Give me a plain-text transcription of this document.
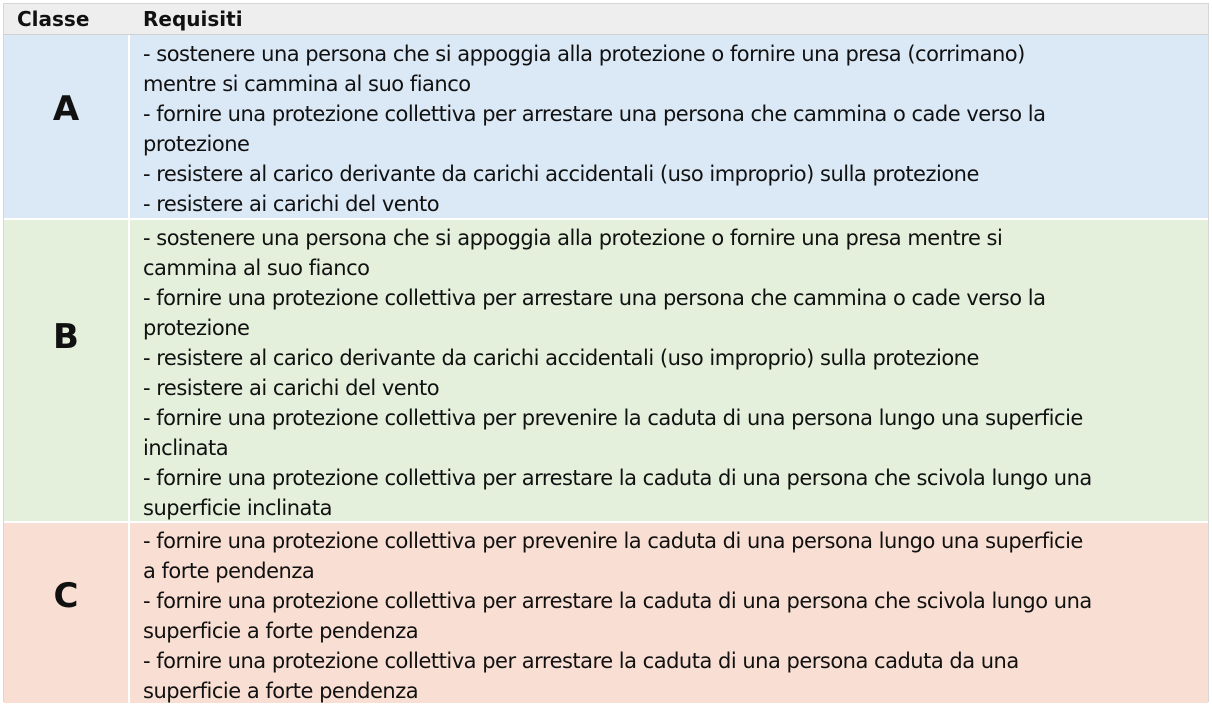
Classe	Requisiti
A
- sostenere una persona che si appoggia alla protezione o fornire una presa (corrimano)
mentre si cammina al suo fianco
- fornire una protezione collettiva per arrestare una persona che cammina o cade verso la
protezione
- resistere al carico derivante da carichi accidentali (uso improprio) sulla protezione
- resistere ai carichi del vento
B
- sostenere una persona che si appoggia alla protezione o fornire una presa mentre si
cammina al suo fianco
- fornire una protezione collettiva per arrestare una persona che cammina o cade verso la
protezione
- resistere al carico derivante da carichi accidentali (uso improprio) sulla protezione
- resistere ai carichi del vento
- fornire una protezione collettiva per prevenire la caduta di una persona lungo una superficie
inclinata
- fornire una protezione collettiva per arrestare la caduta di una persona che scivola lungo una
superficie inclinata
C
- fornire una protezione collettiva per prevenire la caduta di una persona lungo una superficie
a forte pendenza
- fornire una protezione collettiva per arrestare la caduta di una persona che scivola lungo una
superficie a forte pendenza
- fornire una protezione collettiva per arrestare la caduta di una persona caduta da una
superficie a forte pendenza
